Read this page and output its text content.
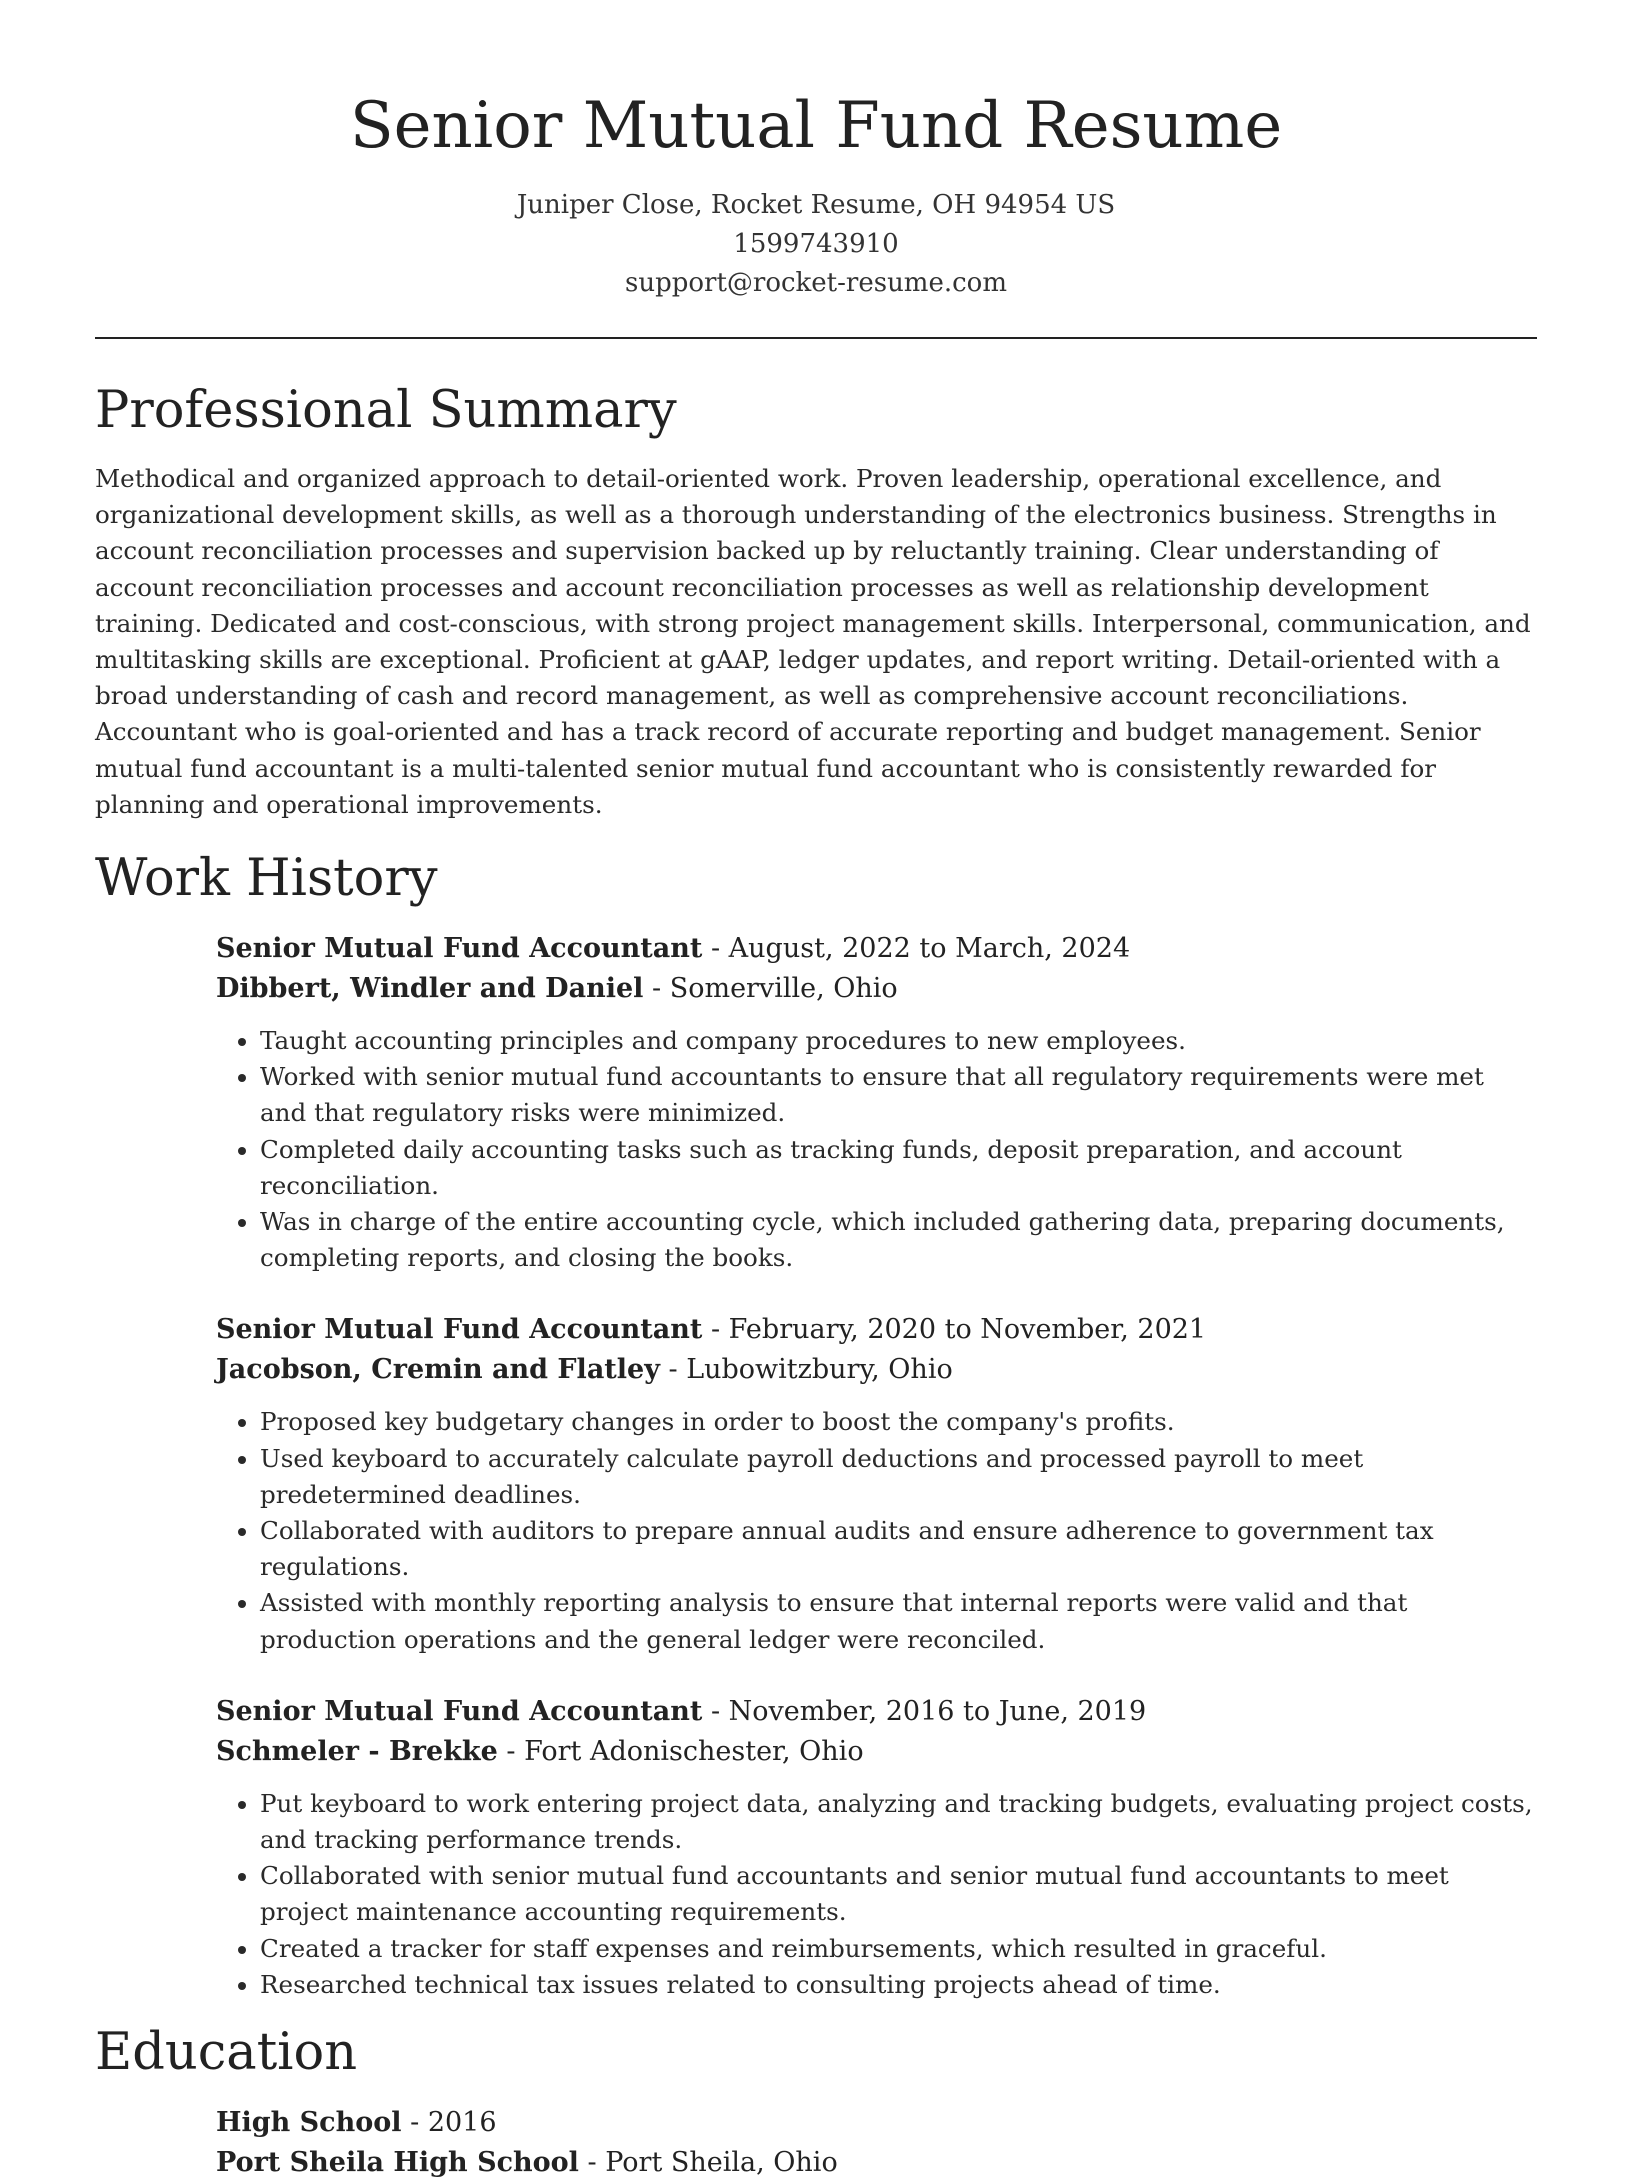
Senior Mutual Fund Resume
Juniper Close, Rocket Resume, OH 94954 US
1599743910
support@rocket-resume.com
Professional Summary

Methodical and organized approach to detail-oriented work. Proven leadership, operational excellence, and organizational development skills, as well as a thorough understanding of the electronics business. Strengths in account reconciliation processes and supervision backed up by reluctantly training. Clear understanding of account reconciliation processes and account reconciliation processes as well as relationship development training. Dedicated and cost-conscious, with strong project management skills. Interpersonal, communication, and multitasking skills are exceptional. Proficient at gAAP, ledger updates, and report writing. Detail-oriented with a broad understanding of cash and record management, as well as comprehensive account reconciliations. Accountant who is goal-oriented and has a track record of accurate reporting and budget management. Senior mutual fund accountant is a multi-talented senior mutual fund accountant who is consistently rewarded for planning and operational improvements.

Work History
Senior Mutual Fund Accountant - August, 2022 to March, 2024
Dibbert, Windler and Daniel - Somerville, Ohio
• Taught accounting principles and company procedures to new employees.
• Worked with senior mutual fund accountants to ensure that all regulatory requirements were met and that regulatory risks were minimized.
• Completed daily accounting tasks such as tracking funds, deposit preparation, and account reconciliation.
• Was in charge of the entire accounting cycle, which included gathering data, preparing documents, completing reports, and closing the books.
Senior Mutual Fund Accountant - February, 2020 to November, 2021
Jacobson, Cremin and Flatley - Lubowitzbury, Ohio
• Proposed key budgetary changes in order to boost the company's profits.
• Used keyboard to accurately calculate payroll deductions and processed payroll to meet predetermined deadlines.
• Collaborated with auditors to prepare annual audits and ensure adherence to government tax regulations.
• Assisted with monthly reporting analysis to ensure that internal reports were valid and that production operations and the general ledger were reconciled.
Senior Mutual Fund Accountant - November, 2016 to June, 2019
Schmeler - Brekke - Fort Adonischester, Ohio
• Put keyboard to work entering project data, analyzing and tracking budgets, evaluating project costs, and tracking performance trends.
• Collaborated with senior mutual fund accountants and senior mutual fund accountants to meet project maintenance accounting requirements.
• Created a tracker for staff expenses and reimbursements, which resulted in graceful.
• Researched technical tax issues related to consulting projects ahead of time.
Education
High School - 2016
Port Sheila High School - Port Sheila, Ohio
